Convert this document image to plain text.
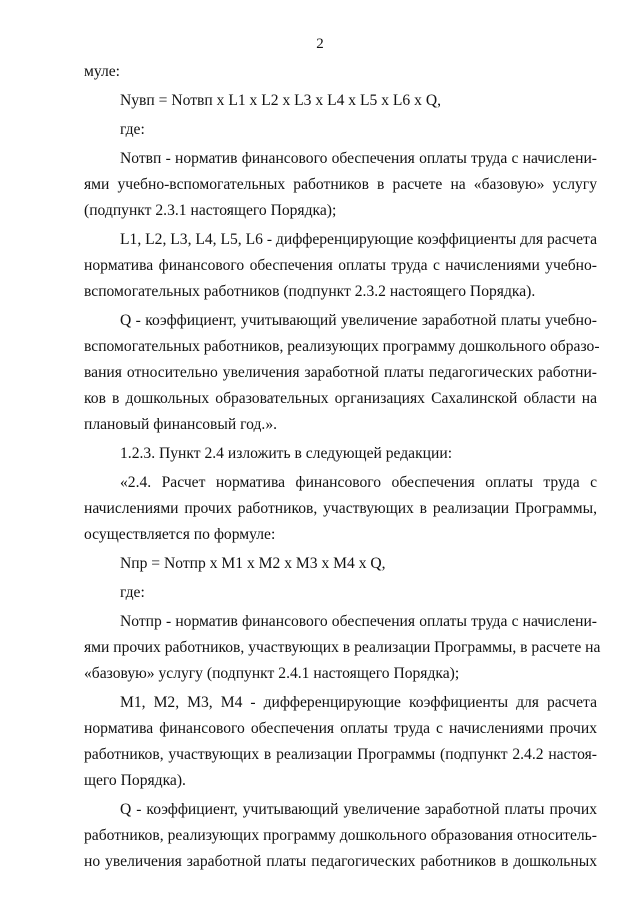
2
муле:
Nувп = Nотвп x L1 x L2 x L3 x L4 x L5 x L6 x Q,
где:
Nотвп - норматив финансового обеспечения оплаты труда с начислени-
ями учебно-вспомогательных работников в расчете на «базовую» услугу
(подпункт 2.3.1 настоящего Порядка);
L1, L2, L3, L4, L5, L6 - дифференцирующие коэффициенты для расчета
норматива финансового обеспечения оплаты труда с начислениями учебно-
вспомогательных работников (подпункт 2.3.2 настоящего Порядка).
Q - коэффициент, учитывающий увеличение заработной платы учебно-
вспомогательных работников, реализующих программу дошкольного образо-
вания относительно увеличения заработной платы педагогических работни-
ков в дошкольных образовательных организациях Сахалинской области на
плановый финансовый год.».
1.2.3. Пункт 2.4 изложить в следующей редакции:
«2.4. Расчет норматива финансового обеспечения оплаты труда с
начислениями прочих работников, участвующих в реализации Программы,
осуществляется по формуле:
Nпр = Nотпр x M1 x M2 x M3 x M4 x Q,
где:
Nотпр - норматив финансового обеспечения оплаты труда с начислени-
ями прочих работников, участвующих в реализации Программы, в расчете на
«базовую» услугу (подпункт 2.4.1 настоящего Порядка);
M1, M2, M3, M4 - дифференцирующие коэффициенты для расчета
норматива финансового обеспечения оплаты труда с начислениями прочих
работников, участвующих в реализации Программы (подпункт 2.4.2 настоя-
щего Порядка).
Q - коэффициент, учитывающий увеличение заработной платы прочих
работников, реализующих программу дошкольного образования относитель-
но увеличения заработной платы педагогических работников в дошкольных
